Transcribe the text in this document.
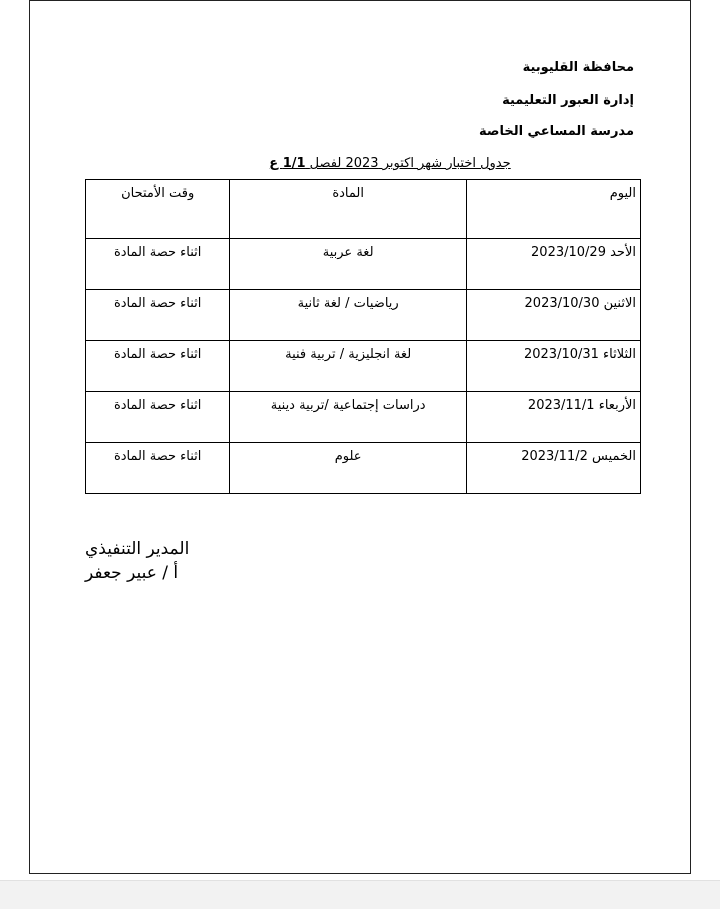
محافظة القليوبية
إدارة العبور التعليمية
مدرسة المساعي الخاصة
جدول اختبار شهر اكتوبر 2023 لفصل 1/1 ع
اليوم	المادة	وقت الأمتحان
الأحد 2023/10/29	لغة عربية	اثناء حصة المادة
الاثنين 2023/10/30	رياضيات / لغة ثانية	اثناء حصة المادة
الثلاثاء 2023/10/31	لغة انجليزية / تربية فنية	اثناء حصة المادة
الأربعاء 2023/11/1	دراسات إجتماعية /تربية دينية	اثناء حصة المادة
الخميس 2023/11/2	علوم	اثناء حصة المادة
المدير التنفيذي
أ / عبير جعفر
